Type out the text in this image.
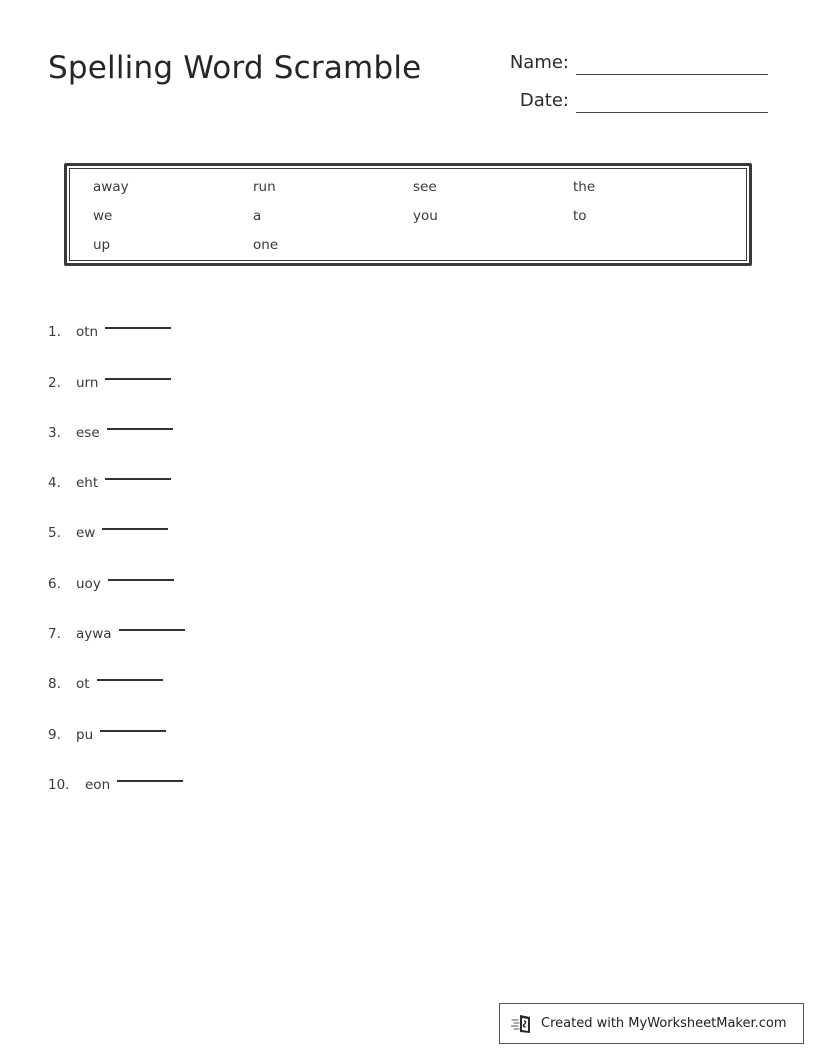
Spelling Word Scramble	Name:
Date:
away	run	see	the
we	a	you	to
up	one
1.	otn
2.	urn
3.	ese
4.	eht
5.	ew
6.	uoy
7.	aywa
8.	ot
9.	pu
10.	eon
Created with MyWorksheetMaker.com
